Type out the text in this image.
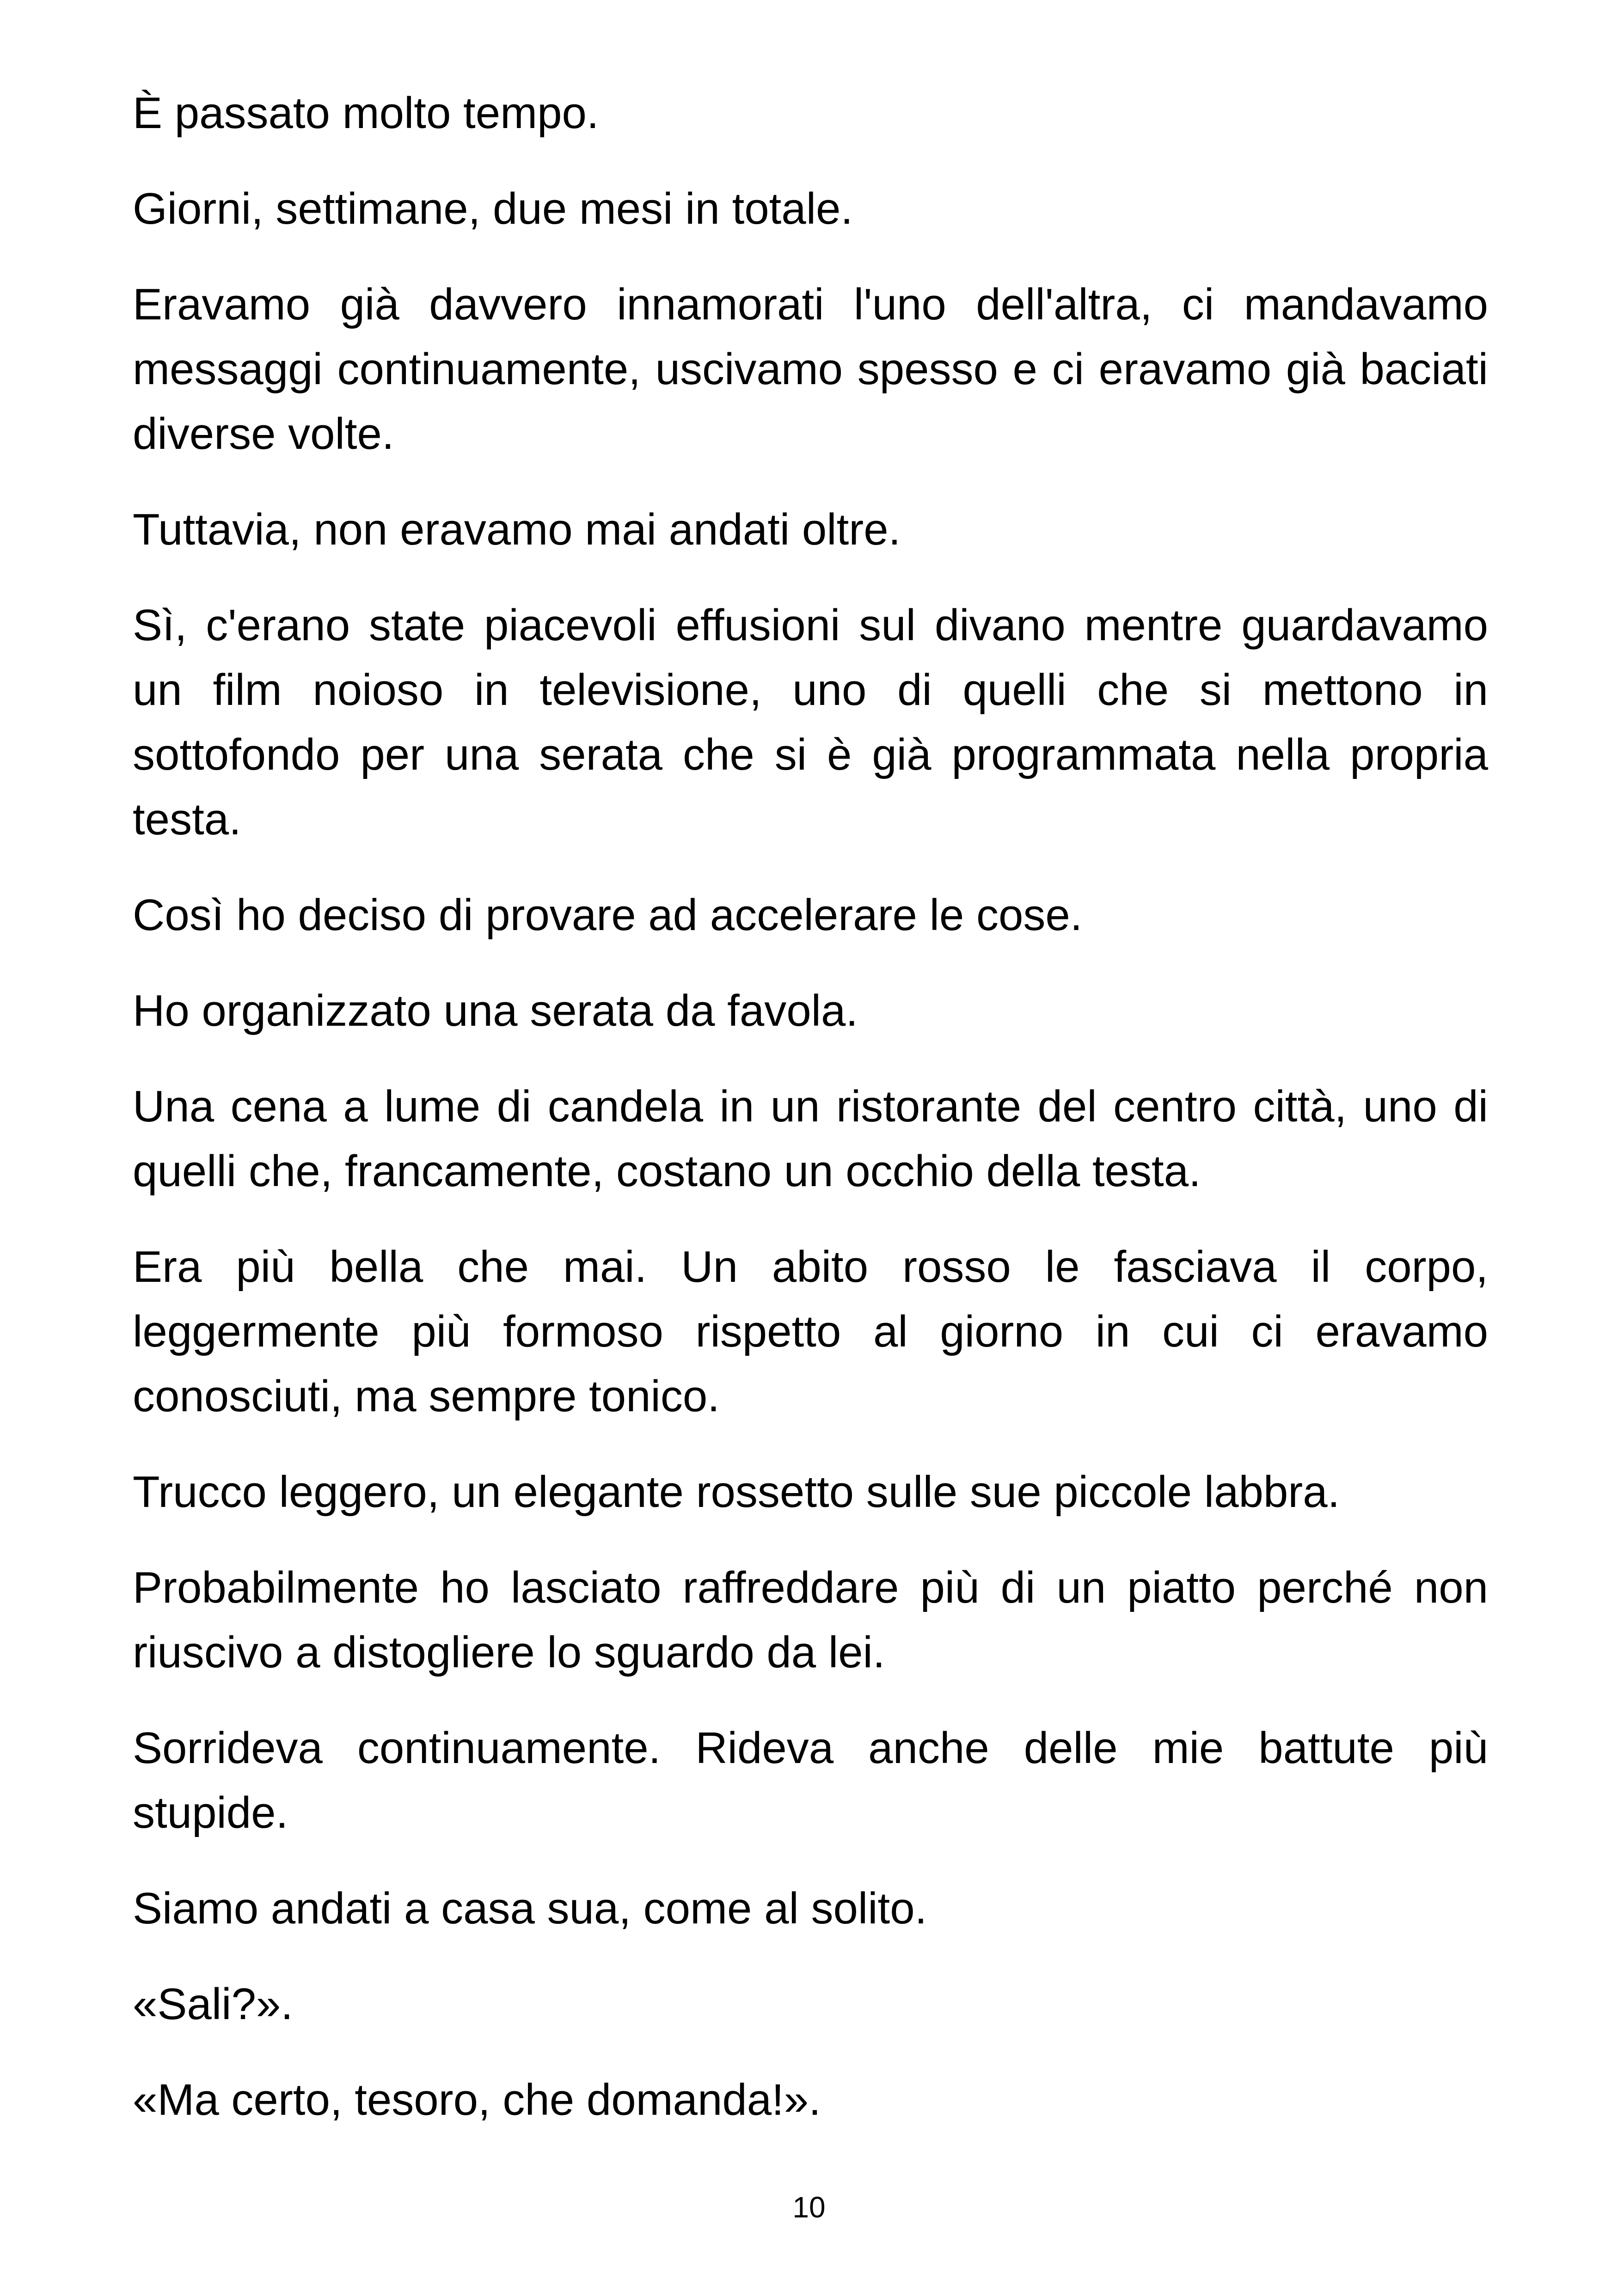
È passato molto tempo.

Giorni, settimane, due mesi in totale.

Eravamo già davvero innamorati l'uno dell'altra, ci mandavamo messaggi continuamente, uscivamo spesso e ci eravamo già baciati diverse volte.

Tuttavia, non eravamo mai andati oltre.

Sì, c'erano state piacevoli effusioni sul divano mentre guardavamo un film noioso in televisione, uno di quelli che si mettono in sottofondo per una serata che si è già programmata nella propria testa.

Così ho deciso di provare ad accelerare le cose.

Ho organizzato una serata da favola.

Una cena a lume di candela in un ristorante del centro città, uno di quelli che, francamente, costano un occhio della testa.

Era più bella che mai. Un abito rosso le fasciava il corpo, leggermente più formoso rispetto al giorno in cui ci eravamo conosciuti, ma sempre tonico.

Trucco leggero, un elegante rossetto sulle sue piccole labbra.

Probabilmente ho lasciato raffreddare più di un piatto perché non riuscivo a distogliere lo sguardo da lei.

Sorrideva continuamente. Rideva anche delle mie battute più stupide.

Siamo andati a casa sua, come al solito.

«Sali?».

«Ma certo, tesoro, che domanda!».

10
